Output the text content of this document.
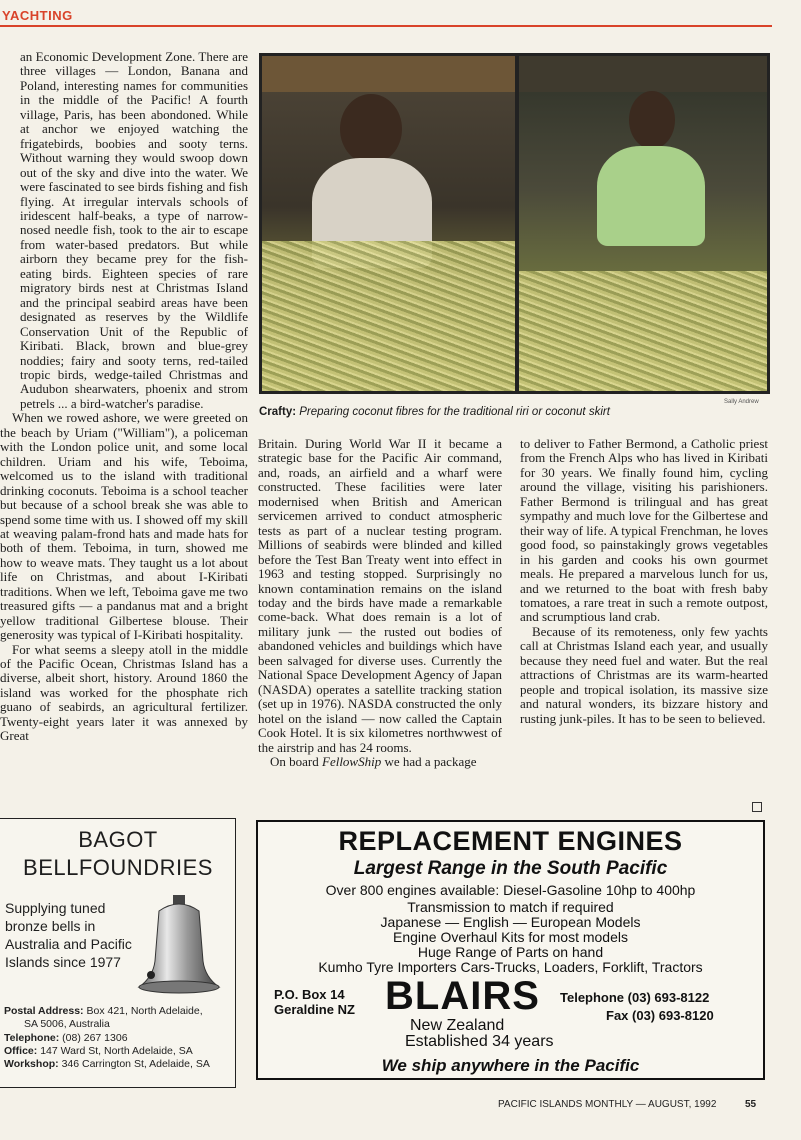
YACHTING
Sally Andrew
Crafty: Preparing coconut fibres for the traditional riri or coconut skirt

an Economic Development Zone. There are three villages — London, Banana and Poland, interesting names for communities in the middle of the Pacific! A fourth village, Paris, has been abondoned. While at anchor we enjoyed watching the frigatebirds, boobies and sooty terns. Without warning they would swoop down out of the sky and dive into the water. We were fascinated to see birds fishing and fish flying. At irregular intervals schools of iridescent half-beaks, a type of narrow-nosed needle fish, took to the air to escape from water-based predators. But while airborn they became prey for the fish-eating birds. Eighteen species of rare migratory birds nest at Christmas Island and the principal seabird areas have been designated as reserves by the Wildlife Conservation Unit of the Republic of Kiribati. Black, brown and blue-grey noddies; fairy and sooty terns, red-tailed tropic birds, wedge-tailed Christmas and Audubon shearwaters, phoenix and strom petrels ... a bird-watcher's paradise.

When we rowed ashore, we were greeted on the beach by Uriam ("William"), a policeman with the London police unit, and some local children. Uriam and his wife, Teboima, welcomed us to the island with traditional drinking coconuts. Teboima is a school teacher but because of a school break she was able to spend some time with us. I showed off my skill at weaving palam-frond hats and made hats for both of them. Teboima, in turn, showed me how to weave mats. They taught us a lot about life on Christmas, and about I-Kiribati traditions. When we left, Teboima gave me two treasured gifts — a pandanus mat and a bright yellow traditional Gilbertese blouse. Their generosity was typical of I-Kiribati hospitality.

For what seems a sleepy atoll in the middle of the Pacific Ocean, Christmas Island has a diverse, albeit short, history. Around 1860 the island was worked for the phosphate rich guano of seabirds, an agricultural fertilizer. Twenty-eight years later it was annexed by Great

Britain. During World War II it became a strategic base for the Pacific Air command, and, roads, an airfield and a wharf were constructed. These facilities were later modernised when British and American servicemen arrived to conduct atmospheric tests as part of a nuclear testing program. Millions of seabirds were blinded and killed before the Test Ban Treaty went into effect in 1963 and testing stopped. Surprisingly no known contamination remains on the island today and the birds have made a remarkable come-back. What does remain is a lot of military junk — the rusted out bodies of abandoned vehicles and buildings which have been salvaged for diverse uses. Currently the National Space Development Agency of Japan (NASDA) operates a satellite tracking station (set up in 1976). NASDA constructed the only hotel on the island — now called the Captain Cook Hotel. It is six kilometres northwwest of the airstrip and has 24 rooms.

On board FellowShip we had a package

to deliver to Father Bermond, a Catholic priest from the French Alps who has lived in Kiribati for 30 years. We finally found him, cycling around the village, visiting his parishioners. Father Bermond is trilingual and has great sympathy and much love for the Gilbertese and their way of life. A typical Frenchman, he loves good food, so painstakingly grows vegetables in his garden and cooks his own gourmet meals. He prepared a marvelous lunch for us, and we returned to the boat with fresh baby tomatoes, a rare treat in such a remote outpost, and scrumptious land crab.

Because of its remoteness, only few yachts call at Christmas Island each year, and usually because they need fuel and water. But the real attractions of Christmas are its warm-hearted people and tropical isolation, its massive size and natural wonders, its bizzare history and rusting junk-piles. It has to be seen to believed.

BAGOT
BELLFOUNDRIES
Supplying tuned bronze bells in Australia and Pacific Islands since 1977
Postal Address: Box 421, North Adelaide,
SA 5006, Australia
Telephone: (08) 267 1306
Office: 147 Ward St, North Adelaide, SA
Workshop: 346 Carrington St, Adelaide, SA
REPLACEMENT ENGINES
Largest Range in the South Pacific
Over 800 engines available: Diesel-Gasoline 10hp to 400hp
Transmission to match if required
Japanese — English — European Models
Engine Overhaul Kits for most models
Huge Range of Parts on hand
Kumho Tyre Importers Cars-Trucks, Loaders, Forklift, Tractors
P.O. Box 14
Geraldine NZ BLAIRS Telephone (03) 693-8122
Fax (03) 693-8120
New Zealand
Established 34 years
We ship anywhere in the Pacific
PACIFIC ISLANDS MONTHLY — AUGUST, 1992	55
